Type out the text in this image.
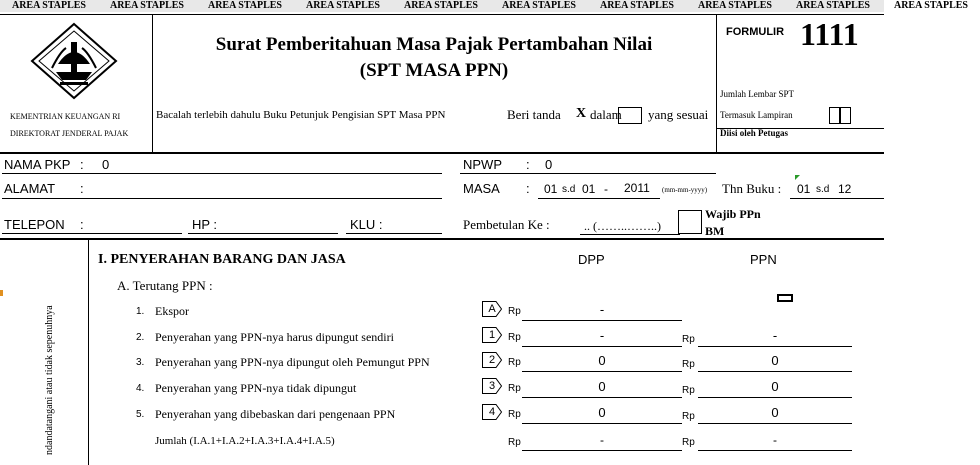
AREA STAPLES AREA STAPLES AREA STAPLES AREA STAPLES AREA STAPLES AREA STAPLES AREA STAPLES AREA STAPLES AREA STAPLES AREA STAPLES
KEMENTRIAN KEUANGAN RI
DIREKTORAT JENDERAL PAJAK
Surat Pemberitahuan Masa Pajak Pertambahan Nilai
(SPT MASA PPN)
Bacalah terlebih dahulu Buku Petunjuk Pengisian SPT Masa PPN	Beri tanda X dalam yang sesuai
FORMULIR 1111
Jumlah Lembar SPT
Termasuk Lampiran
Diisi oleh Petugas
NAMA PKP : 0	NPWP : 0
ALAMAT :	MASA : 01 s.d 01 - 2011 (mm-mm-yyyy) Thn Buku : 01 s.d 12
TELEPON :	HP :	KLU :	Pembetulan Ke :	.. (……..……..)
Wajib PPn
BM
ndandatangani atau tidak sepenuhnya
I. PENYERAHAN BARANG DAN JASA	DPP	PPN
A. Terutang PPN :
1. Ekspor	A	Rp	-
2. Penyerahan yang PPN-nya harus dipungut sendiri	1	Rp	-	Rp	-
3. Penyerahan yang PPN-nya dipungut oleh Pemungut PPN	2	Rp	0	Rp	0
4. Penyerahan yang PPN-nya tidak dipungut	3	Rp	0	Rp	0
5. Penyerahan yang dibebaskan dari pengenaan PPN	4	Rp	0	Rp	0
Jumlah (I.A.1+I.A.2+I.A.3+I.A.4+I.A.5)	Rp	-	Rp	-
